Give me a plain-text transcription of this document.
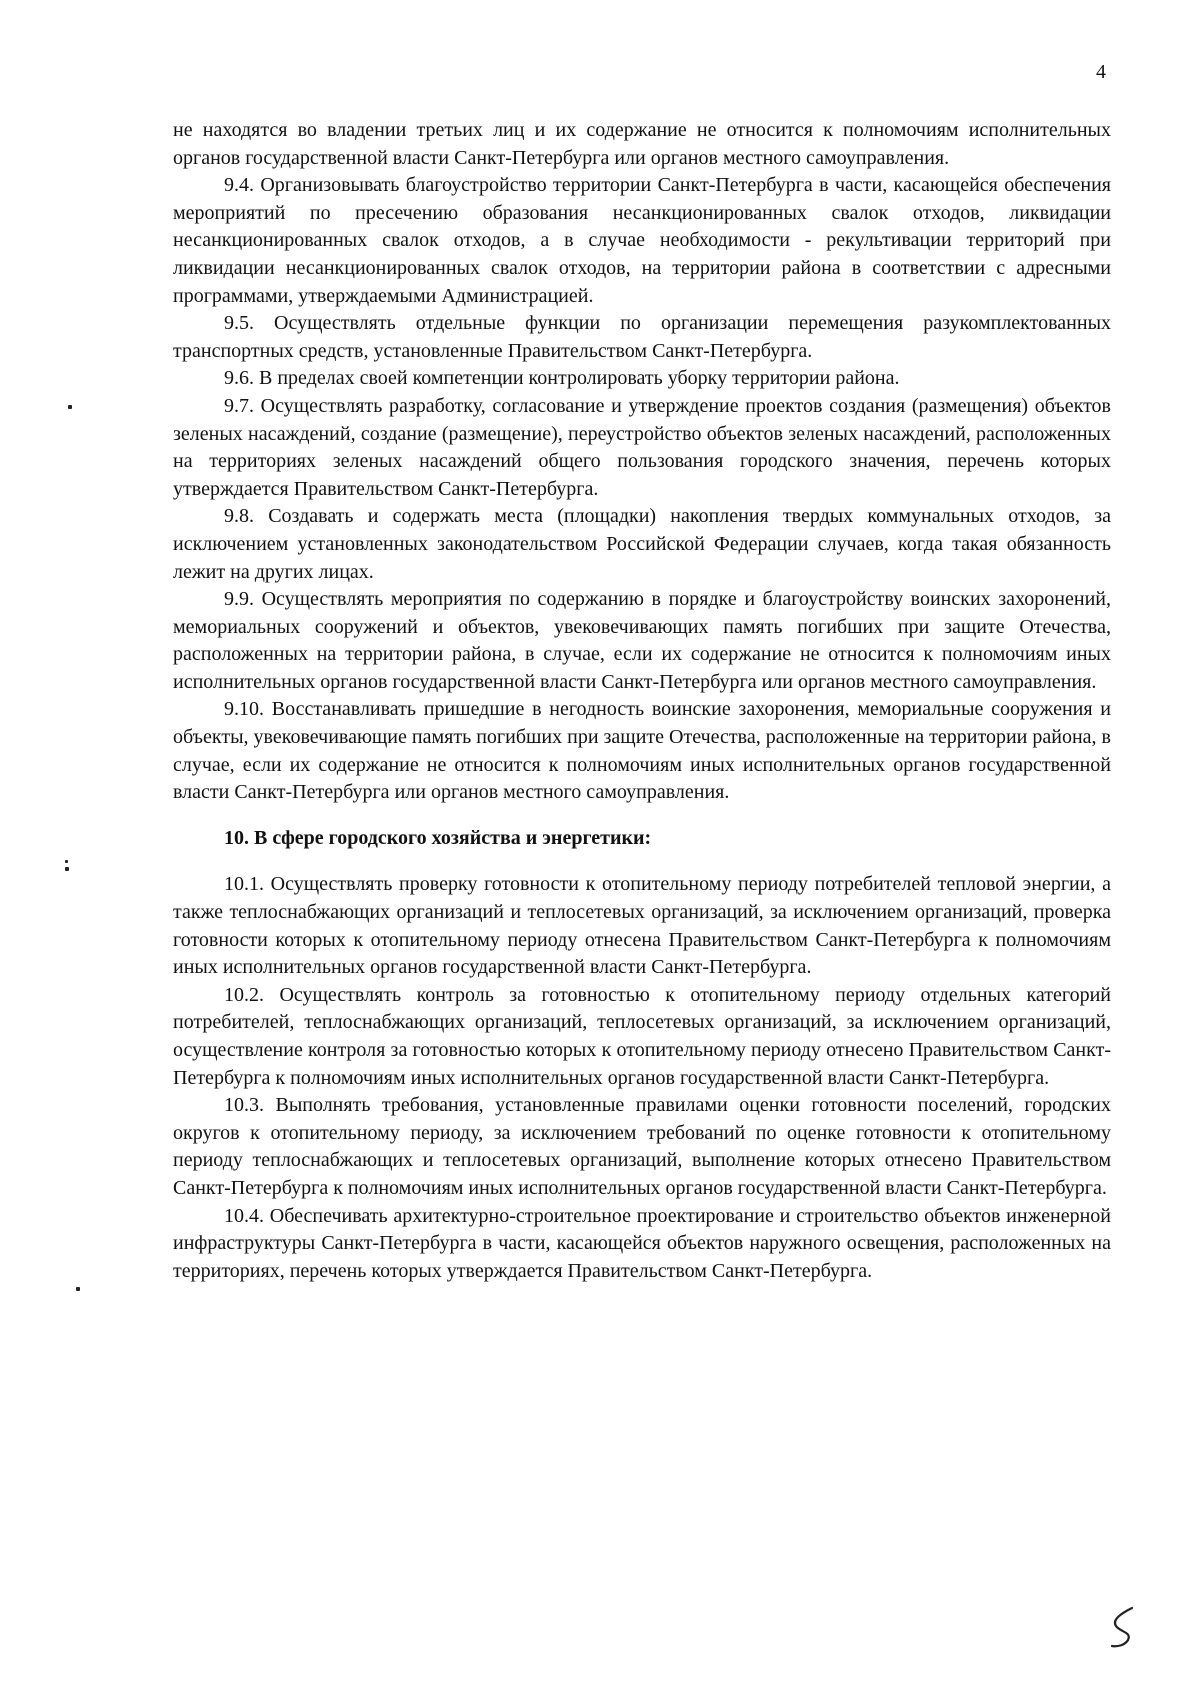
4

не находятся во владении третьих лиц и их содержание не относится к полномочиям исполнительных органов государственной власти Санкт-Петербурга или органов местного самоуправления.

9.4. Организовывать благоустройство территории Санкт-Петербурга в части, касающейся обеспечения мероприятий по пресечению образования несанкционированных свалок отходов, ликвидации несанкционированных свалок отходов, а в случае необходимости - рекультивации территорий при ликвидации несанкционированных свалок отходов, на территории района в соответствии с адресными программами, утверждаемыми Администрацией.

9.5. Осуществлять отдельные функции по организации перемещения разукомплектованных транспортных средств, установленные Правительством Санкт-Петербурга.

9.6. В пределах своей компетенции контролировать уборку территории района.

9.7. Осуществлять разработку, согласование и утверждение проектов создания (размещения) объектов зеленых насаждений, создание (размещение), переустройство объектов зеленых насаждений, расположенных на территориях зеленых насаждений общего пользования городского значения, перечень которых утверждается Правительством Санкт-Петербурга.

9.8. Создавать и содержать места (площадки) накопления твердых коммунальных отходов, за исключением установленных законодательством Российской Федерации случаев, когда такая обязанность лежит на других лицах.

9.9. Осуществлять мероприятия по содержанию в порядке и благоустройству воинских захоронений, мемориальных сооружений и объектов, увековечивающих память погибших при защите Отечества, расположенных на территории района, в случае, если их содержание не относится к полномочиям иных исполнительных органов государственной власти Санкт-Петербурга или органов местного самоуправления.

9.10. Восстанавливать пришедшие в негодность воинские захоронения, мемориальные сооружения и объекты, увековечивающие память погибших при защите Отечества, расположенные на территории района, в случае, если их содержание не относится к полномочиям иных исполнительных органов государственной власти Санкт-Петербурга или органов местного самоуправления.

10. В сфере городского хозяйства и энергетики:

10.1. Осуществлять проверку готовности к отопительному периоду потребителей тепловой энергии, а также теплоснабжающих организаций и теплосетевых организаций, за исключением организаций, проверка готовности которых к отопительному периоду отнесена Правительством Санкт-Петербурга к полномочиям иных исполнительных органов государственной власти Санкт-Петербурга.

10.2. Осуществлять контроль за готовностью к отопительному периоду отдельных категорий потребителей, теплоснабжающих организаций, теплосетевых организаций, за исключением организаций, осуществление контроля за готовностью которых к отопительному периоду отнесено Правительством Санкт-Петербурга к полномочиям иных исполнительных органов государственной власти Санкт-Петербурга.

10.3. Выполнять требования, установленные правилами оценки готовности поселений, городских округов к отопительному периоду, за исключением требований по оценке готовности к отопительному периоду теплоснабжающих и теплосетевых организаций, выполнение которых отнесено Правительством Санкт-Петербурга к полномочиям иных исполнительных органов государственной власти Санкт-Петербурга.

10.4. Обеспечивать архитектурно-строительное проектирование и строительство объектов инженерной инфраструктуры Санкт-Петербурга в части, касающейся объектов наружного освещения, расположенных на территориях, перечень которых утверждается Правительством Санкт-Петербурга.
